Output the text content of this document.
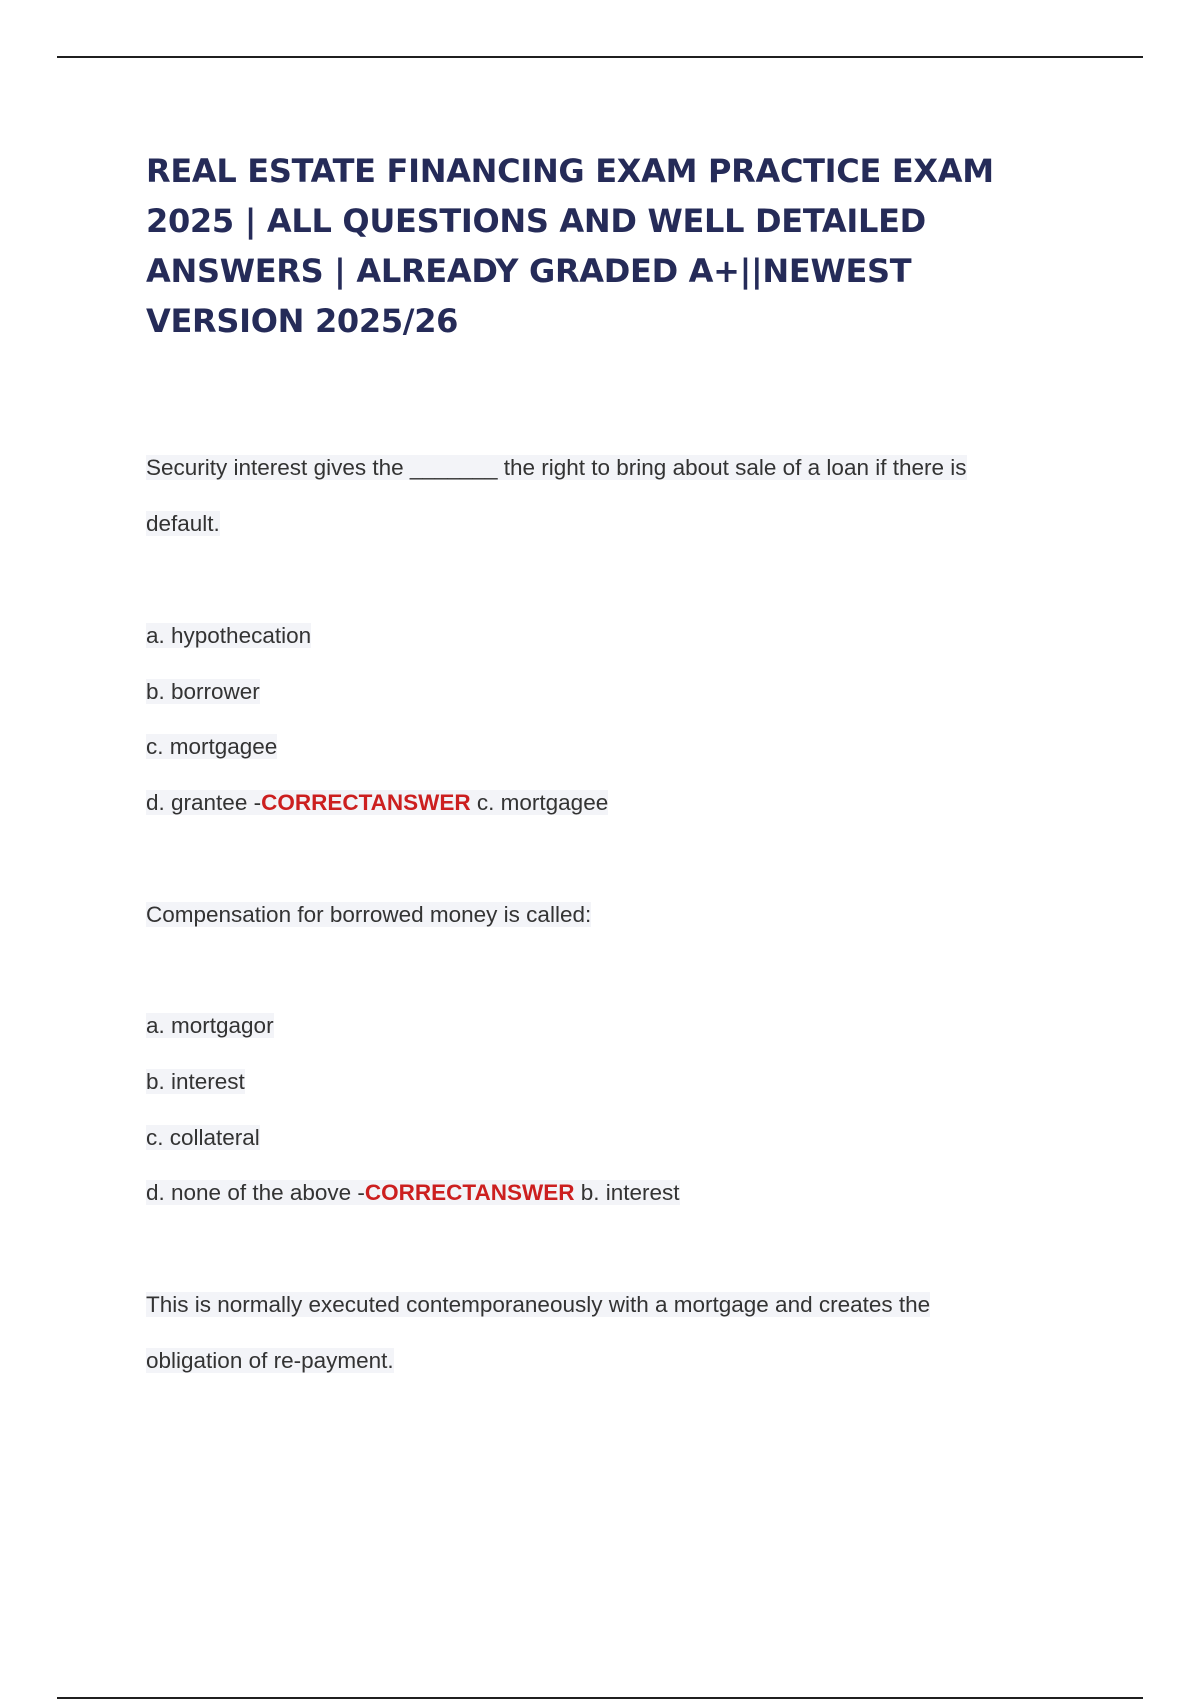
REAL ESTATE FINANCING EXAM PRACTICE EXAM
2025 | ALL QUESTIONS AND WELL DETAILED
ANSWERS | ALREADY GRADED A+||NEWEST
VERSION 2025/26

Security interest gives the _______ the right to bring about sale of a loan if there is

default.

a. hypothecation

b. borrower

c. mortgagee

d. grantee -CORRECTANSWER c. mortgagee

Compensation for borrowed money is called:

a. mortgagor

b. interest

c. collateral

d. none of the above -CORRECTANSWER b. interest

This is normally executed contemporaneously with a mortgage and creates the

obligation of re-payment.
